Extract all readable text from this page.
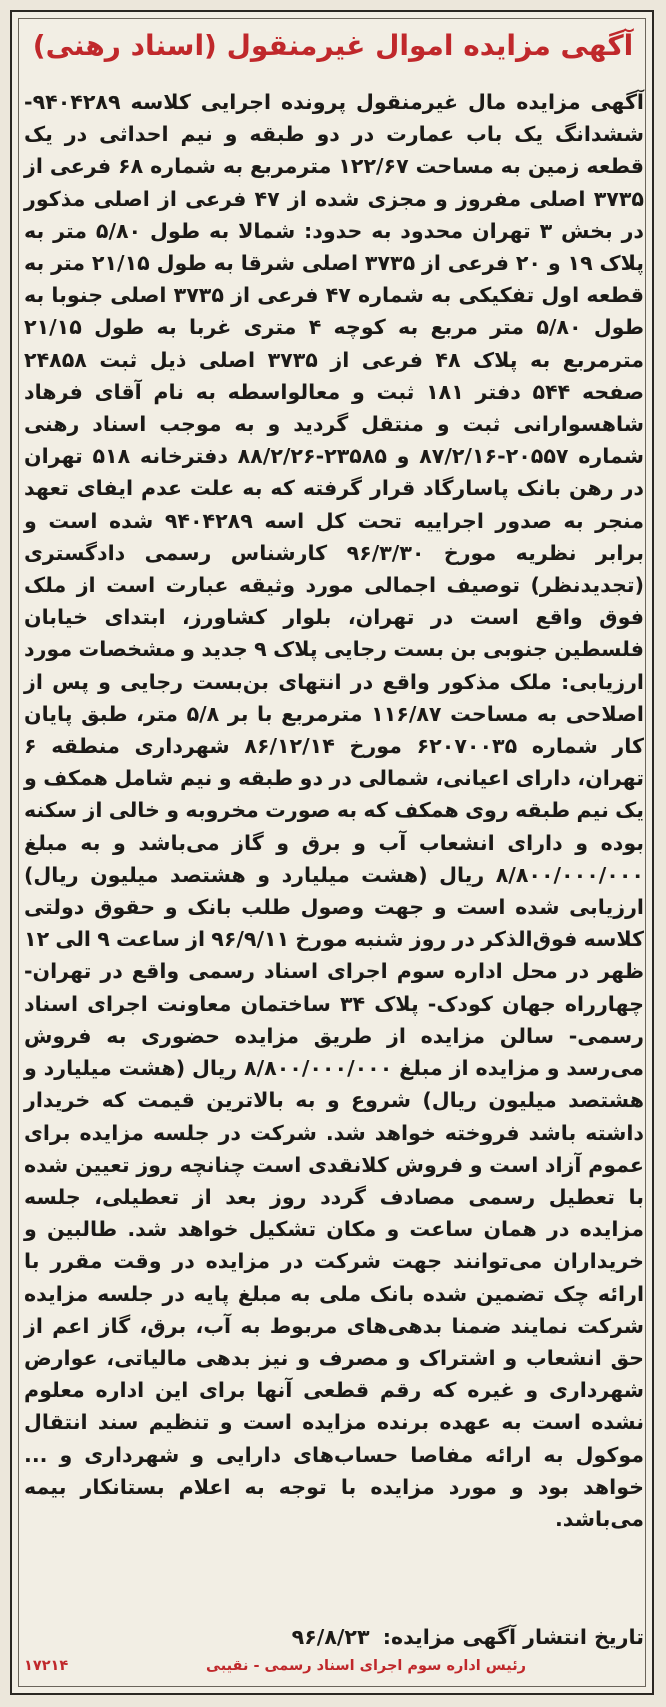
آگهی مزایده اموال غیرمنقول (اسناد رهنی)
آگهی مزایده مال غیرمنقول پرونده اجرایی کلاسه ۹۴۰۴۲۸۹- ششدانگ یک باب عمارت در دو طبقه و نیم احداثی در یک قطعه زمین به مساحت ۱۲۲/۶۷ مترمربع به شماره ۶۸ فرعی از ۳۷۳۵ اصلی مفروز و مجزی شده از ۴۷ فرعی از اصلی مذکور در بخش ۳ تهران محدود به حدود: شمالا به طول ۵/۸۰ متر به پلاک ۱۹ و ۲۰ فرعی از ۳۷۳۵ اصلی شرقا به طول ۲۱/۱۵ متر به قطعه اول تفکیکی به شماره ۴۷ فرعی از ۳۷۳۵ اصلی جنوبا به طول ۵/۸۰ متر مربع به کوچه ۴ متری غربا به طول ۲۱/۱۵ مترمربع به پلاک ۴۸ فرعی از ۳۷۳۵ اصلی ذیل ثبت ۲۴۸۵۸ صفحه ۵۴۴ دفتر ۱۸۱ ثبت و معالواسطه به نام آقای فرهاد شاهسوارانی ثبت و منتقل گردید و به موجب اسناد رهنی شماره ۲۰۵۵۷-۸۷/۲/۱۶ و ۲۳۵۸۵-۸۸/۲/۲۶ دفترخانه ۵۱۸ تهران در رهن بانک پاسارگاد قرار گرفته که به علت عدم ایفای تعهد منجر به صدور اجراییه تحت کل اسه ۹۴۰۴۲۸۹ شده است و برابر نظریه مورخ ۹۶/۳/۳۰ کارشناس رسمی دادگستری (تجدیدنظر) توصیف اجمالی مورد وثیقه عبارت است از ملک فوق واقع است در تهران، بلوار کشاورز، ابتدای خیابان فلسطین جنوبی بن بست رجایی پلاک ۹ جدید و مشخصات مورد ارزیابی: ملک مذکور واقع در انتهای بن‌بست رجایی و پس از اصلاحی به مساحت ۱۱۶/۸۷ مترمربع با بر ۵/۸ متر، طبق پایان کار شماره ۶۲۰۷۰۰۳۵ مورخ ۸۶/۱۲/۱۴ شهرداری منطقه ۶ تهران، دارای اعیانی، شمالی در دو طبقه و نیم شامل همکف و یک نیم طبقه روی همکف که به صورت مخروبه و خالی از سکنه بوده و دارای انشعاب آب و برق و گاز می‌باشد و به مبلغ ۸/۸۰۰/۰۰۰/۰۰۰ ریال (هشت میلیارد و هشتصد میلیون ریال) ارزیابی شده است و جهت وصول طلب بانک و حقوق دولتی کلاسه فوق‌الذکر در روز شنبه مورخ ۹۶/۹/۱۱ از ساعت ۹ الی ۱۲ ظهر در محل اداره سوم اجرای اسناد رسمی واقع در تهران- چهارراه جهان کودک- پلاک ۳۴ ساختمان معاونت اجرای اسناد رسمی- سالن مزایده از طریق مزایده حضوری به فروش می‌رسد و مزایده از مبلغ ۸/۸۰۰/۰۰۰/۰۰۰ ریال (هشت میلیارد و هشتصد میلیون ریال) شروع و به بالاترین قیمت که خریدار داشته باشد فروخته خواهد شد. شرکت در جلسه مزایده برای عموم آزاد است و فروش کلانقدی است چنانچه روز تعیین شده با تعطیل رسمی مصادف گردد روز بعد از تعطیلی، جلسه مزایده در همان ساعت و مکان تشکیل خواهد شد. طالبین و خریداران می‌توانند جهت شرکت در مزایده در وقت مقرر با ارائه چک تضمین شده بانک ملی به مبلغ پایه در جلسه مزایده شرکت نمایند ضمنا بدهی‌های مربوط به آب، برق، گاز اعم از حق انشعاب و اشتراک و مصرف و نیز بدهی مالیاتی، عوارض شهرداری و غیره که رقم قطعی آنها برای این اداره معلوم نشده است به عهده برنده مزایده است و تنظیم سند انتقال موکول به ارائه مفاصا حساب‌های دارایی و شهرداری و ... خواهد بود و مورد مزایده با توجه به اعلام بستانکار بیمه می‌باشد.
تاریخ انتشار آگهی مزایده: ۹۶/۸/۲۳
رئیس اداره سوم اجرای اسناد رسمی - نقیبی
۱۷۲۱۴
